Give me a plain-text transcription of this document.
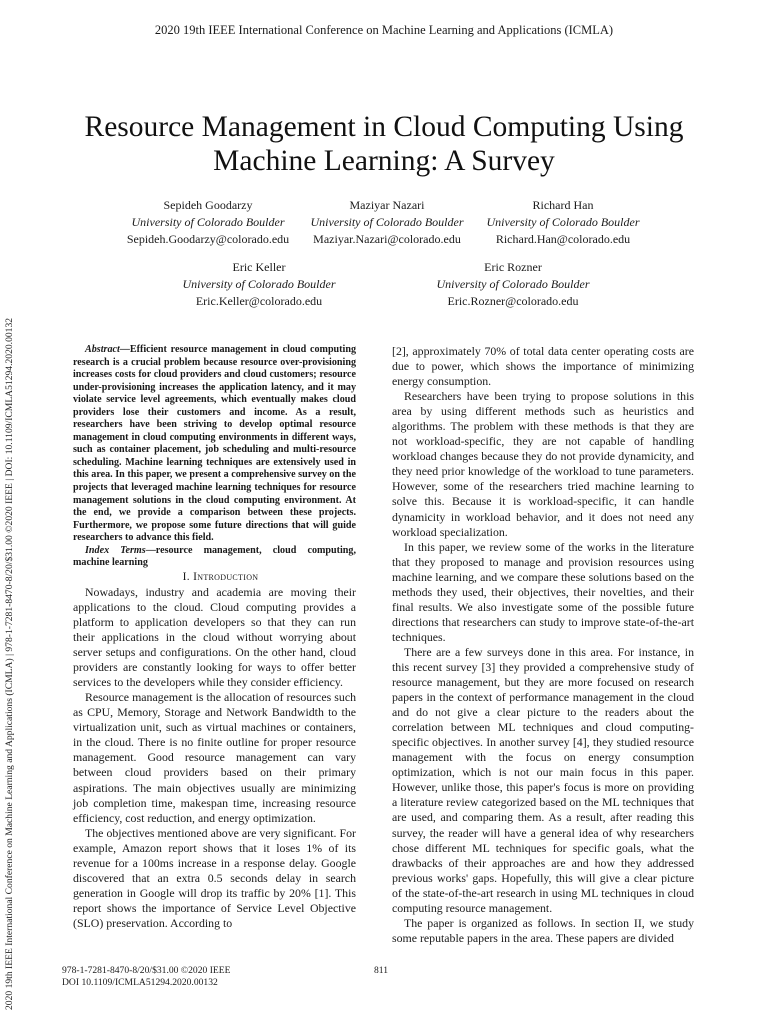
2020 19th IEEE International Conference on Machine Learning and Applications (ICMLA)
2020 19th IEEE International Conference on Machine Learning and Applications (ICMLA) | 978-1-7281-8470-8/20/$31.00 ©2020 IEEE | DOI: 10.1109/ICMLA51294.2020.00132
Resource Management in Cloud Computing Using
Machine Learning: A Survey
Sepideh Goodarzy
University of Colorado Boulder
Sepideh.Goodarzy@colorado.edu
Maziyar Nazari
University of Colorado Boulder
Maziyar.Nazari@colorado.edu
Richard Han
University of Colorado Boulder
Richard.Han@colorado.edu
Eric Keller
University of Colorado Boulder
Eric.Keller@colorado.edu
Eric Rozner
University of Colorado Boulder
Eric.Rozner@colorado.edu

Abstract—Efficient resource management in cloud computing research is a crucial problem because resource over-provisioning increases costs for cloud providers and cloud customers; resource under-provisioning increases the application latency, and it may violate service level agreements, which eventually makes cloud providers lose their customers and income. As a result, researchers have been striving to develop optimal resource management in cloud computing environments in different ways, such as container placement, job scheduling and multi-resource scheduling. Machine learning techniques are extensively used in this area. In this paper, we present a comprehensive survey on the projects that leveraged machine learning techniques for resource management solutions in the cloud computing environment. At the end, we provide a comparison between these projects. Furthermore, we propose some future directions that will guide researchers to advance this field.

Index Terms—resource management, cloud computing, machine learning

I. Introduction

Nowadays, industry and academia are moving their applications to the cloud. Cloud computing provides a platform to application developers so that they can run their applications in the cloud without worrying about server setups and configurations. On the other hand, cloud providers are constantly looking for ways to offer better services to the developers while they consider efficiency.

Resource management is the allocation of resources such as CPU, Memory, Storage and Network Bandwidth to the virtualization unit, such as virtual machines or containers, in the cloud. There is no finite outline for proper resource management. Good resource management can vary between cloud providers based on their primary aspirations. The main objectives usually are minimizing job completion time, makespan time, increasing resource efficiency, cost reduction, and energy optimization.

The objectives mentioned above are very significant. For example, Amazon report shows that it loses 1% of its revenue for a 100ms increase in a response delay. Google discovered that an extra 0.5 seconds delay in search generation in Google will drop its traffic by 20% [1]. This report shows the importance of Service Level Objective (SLO) preservation. According to

[2], approximately 70% of total data center operating costs are due to power, which shows the importance of minimizing energy consumption.

Researchers have been trying to propose solutions in this area by using different methods such as heuristics and algorithms. The problem with these methods is that they are not workload-specific, they are not capable of handling workload changes because they do not provide dynamicity, and they need prior knowledge of the workload to tune parameters. However, some of the researchers tried machine learning to solve this. Because it is workload-specific, it can handle dynamicity in workload behavior, and it does not need any workload specialization.

In this paper, we review some of the works in the literature that they proposed to manage and provision resources using machine learning, and we compare these solutions based on the methods they used, their objectives, their novelties, and their final results. We also investigate some of the possible future directions that researchers can study to improve state-of-the-art techniques.

There are a few surveys done in this area. For instance, in this recent survey [3] they provided a comprehensive study of resource management, but they are more focused on research papers in the context of performance management in the cloud and do not give a clear picture to the readers about the correlation between ML techniques and cloud computing-specific objectives. In another survey [4], they studied resource management with the focus on energy consumption optimization, which is not our main focus in this paper. However, unlike those, this paper's focus is more on providing a literature review categorized based on the ML techniques that are used, and comparing them. As a result, after reading this survey, the reader will have a general idea of why researchers chose different ML techniques for specific goals, what the drawbacks of their approaches are and how they addressed previous works' gaps. Hopefully, this will give a clear picture of the state-of-the-art research in using ML techniques in cloud computing resource management.

The paper is organized as follows. In section II, we study some reputable papers in the area. These papers are divided

978-1-7281-8470-8/20/$31.00 ©2020 IEEE
DOI 10.1109/ICMLA51294.2020.00132
811
